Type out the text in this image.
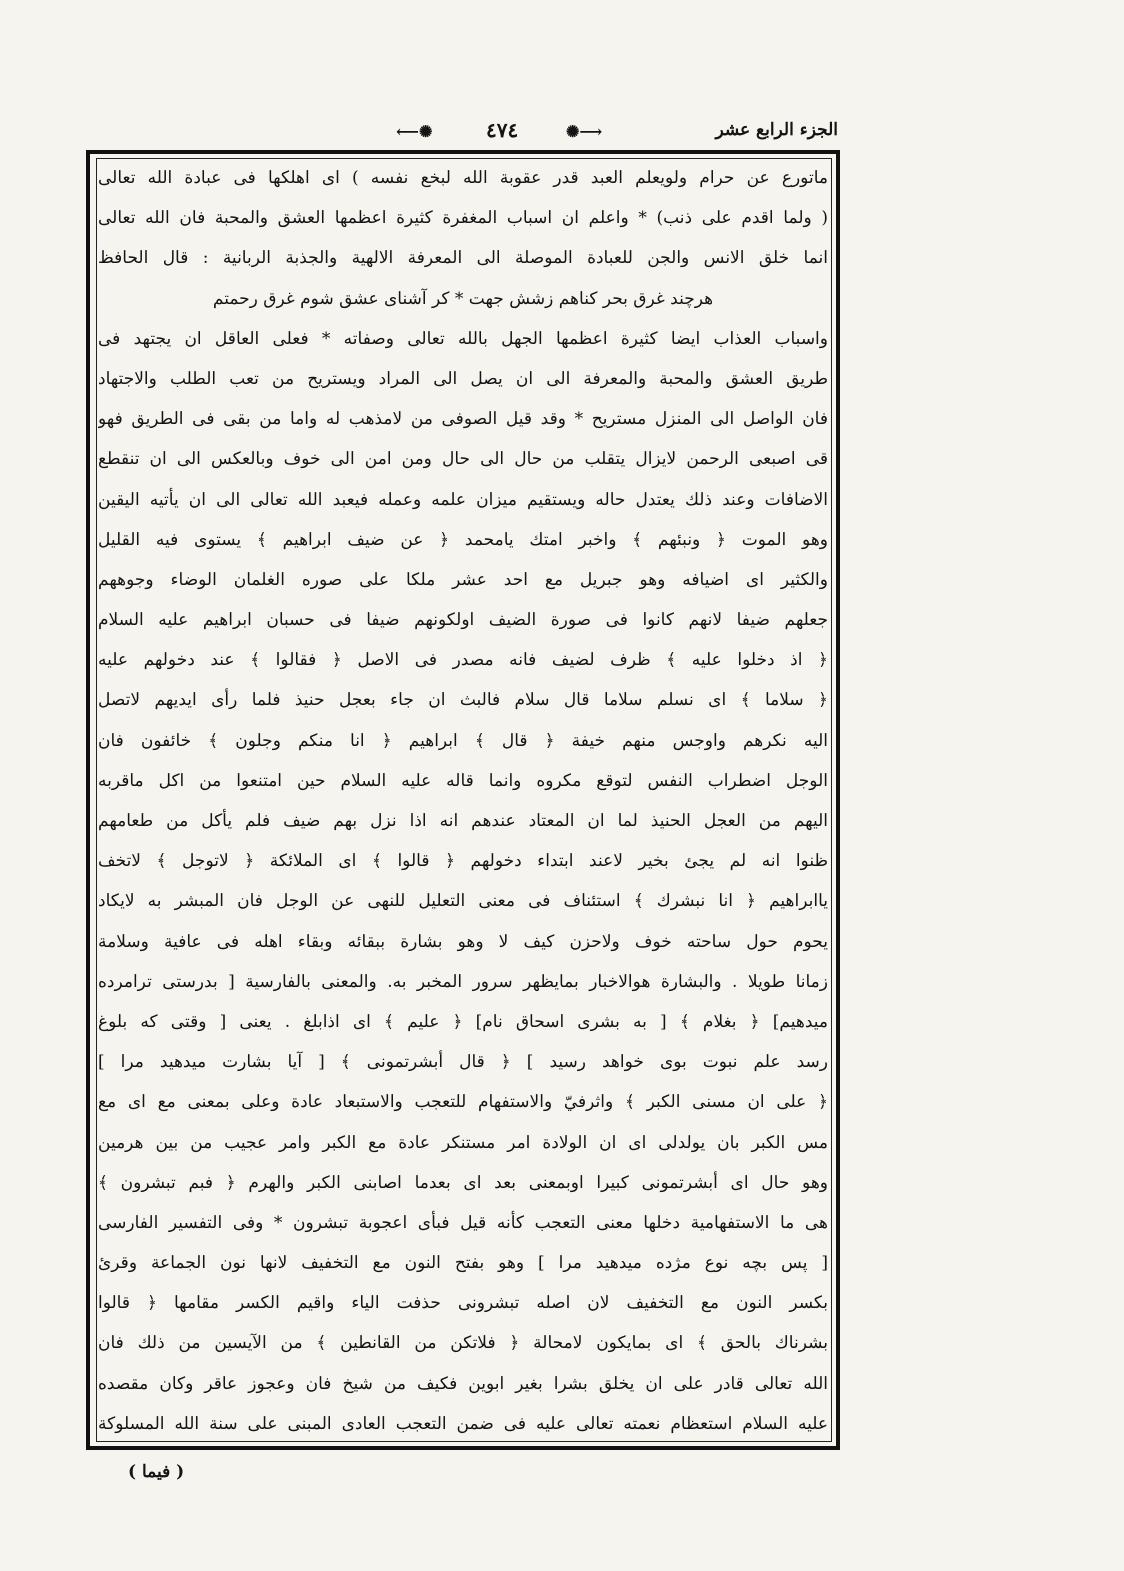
⟵✺	٤٧٤	✺⟶	الجزء الرابع عشر
ماتورع عن حرام ولويعلم العبد قدر عقوبة الله لبخع نفسه ) اى اهلكها فى عبادة الله تعالى
( ولما اقدم على ذنب) * واعلم ان اسباب المغفرة كثيرة اعظمها العشق والمحبة فان الله تعالى
انما خلق الانس والجن للعبادة الموصلة الى المعرفة الالهية والجذبة الربانية : قال الحافظ
هرچند غرق بحر كناهم زشش جهت * كر آشناى عشق شوم غرق رحمتم
واسباب العذاب ايضا كثيرة اعظمها الجهل بالله تعالى وصفاته * فعلى العاقل ان يجتهد فى
طريق العشق والمحبة والمعرفة الى ان يصل الى المراد ويستريح من تعب الطلب والاجتهاد
فان الواصل الى المنزل مستريح * وقد قيل الصوفى من لامذهب له واما من بقى فى الطريق فهو
قى اصبعى الرحمن لايزال يتقلب من حال الى حال ومن امن الى خوف وبالعكس الى ان تنقطع
الاضافات وعند ذلك يعتدل حاله ويستقيم ميزان علمه وعمله فيعبد الله تعالى الى ان يأتيه اليقين
وهو الموت ﴿ ونبئهم ﴾ واخبر امتك يامحمد ﴿ عن ضيف ابراهيم ﴾ يستوى فيه القليل
والكثير اى اضيافه وهو جبريل مع احد عشر ملكا على صوره الغلمان الوضاء وجوههم
جعلهم ضيفا لانهم كانوا فى صورة الضيف اولكونهم ضيفا فى حسبان ابراهيم عليه السلام
﴿ اذ دخلوا عليه ﴾ ظرف لضيف فانه مصدر فى الاصل ﴿ فقالوا ﴾ عند دخولهم عليه
﴿ سلاما ﴾ اى نسلم سلاما قال سلام فالبث ان جاء بعجل حنيذ فلما رأى ايديهم لاتصل
اليه نكرهم واوجس منهم خيفة ﴿ قال ﴾ ابراهيم ﴿ انا منكم وجلون ﴾ خائفون فان
الوجل اضطراب النفس لتوقع مكروه وانما قاله عليه السلام حين امتنعوا من اكل ماقربه
اليهم من العجل الحنيذ لما ان المعتاد عندهم انه اذا نزل بهم ضيف فلم يأكل من طعامهم
ظنوا انه لم يجئ بخير لاعند ابتداء دخولهم ﴿ قالوا ﴾ اى الملائكة ﴿ لاتوجل ﴾ لاتخف
ياابراهيم ﴿ انا نبشرك ﴾ استئناف فى معنى التعليل للنهى عن الوجل فان المبشر به لايكاد
يحوم حول ساحته خوف ولاحزن كيف لا وهو بشارة ببقائه وبقاء اهله فى عافية وسلامة
زمانا طويلا . والبشارة هوالاخبار بمايظهر سرور المخبر به. والمعنى بالفارسية [ بدرستى ترامرده
ميدهيم] ﴿ بغلام ﴾ [ به بشرى اسحاق نام] ﴿ عليم ﴾ اى اذابلغ . يعنى [ وقتى كه بلوغ
رسد علم نبوت بوى خواهد رسيد ] ﴿ قال أبشرتمونى ﴾ [ آيا بشارت ميدهيد مرا ]
﴿ على ان مسنى الكبر ﴾ واثرفيّ والاستفهام للتعجب والاستبعاد عادة وعلى بمعنى مع اى مع
مس الكبر بان يولدلى اى ان الولادة امر مستنكر عادة مع الكبر وامر عجيب من بين هرمين
وهو حال اى أبشرتمونى كبيرا اوبمعنى بعد اى بعدما اصابنى الكبر والهرم ﴿ فبم تبشرون ﴾
هى ما الاستفهامية دخلها معنى التعجب كأنه قيل فبأى اعجوبة تبشرون * وفى التفسير الفارسى
[ پس بچه نوع مژده ميدهيد مرا ] وهو بفتح النون مع التخفيف لانها نون الجماعة وقرئ
بكسر النون مع التخفيف لان اصله تبشرونى حذفت الياء واقيم الكسر مقامها ﴿ قالوا
بشرناك بالحق ﴾ اى بمايكون لامحالة ﴿ فلاتكن من القانطين ﴾ من الآيسين من ذلك فان
الله تعالى قادر على ان يخلق بشرا بغير ابوين فكيف من شيخ فان وعجوز عاقر وكان مقصده
عليه السلام استعظام نعمته تعالى عليه فى ضمن التعجب العادى المبنى على سنة الله المسلوكة
( فيما )
